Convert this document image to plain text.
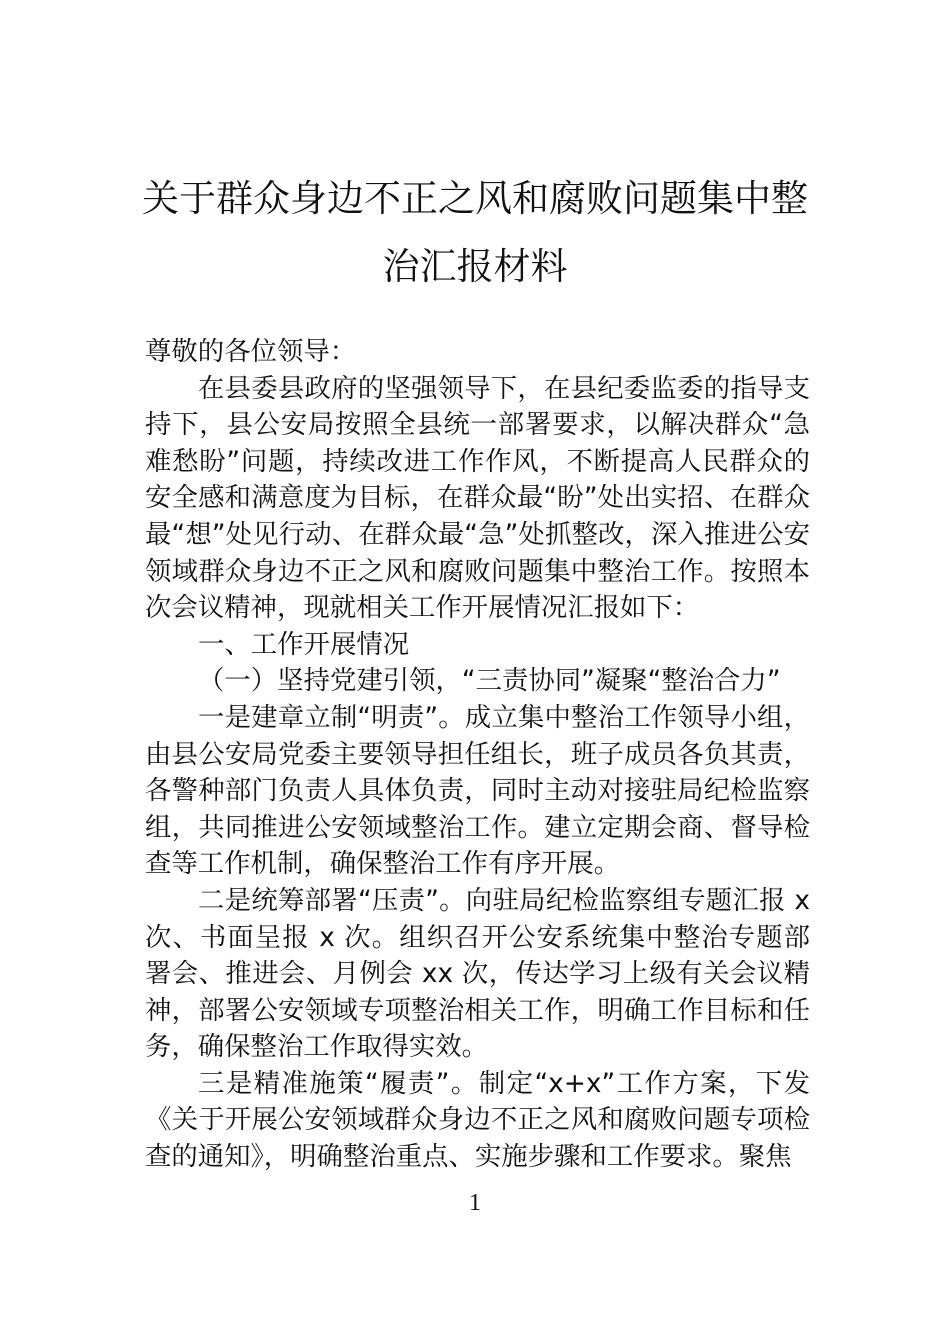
关于群众身边不正之风和腐败问题集中整
治汇报材料

尊敬的各位领导：

在县委县政府的坚强领导下，在县纪委监委的指导支持下，县公安局按照全县统一部署要求，以解决群众“急难愁盼”问题，持续改进工作作风，不断提高人民群众的安全感和满意度为目标，在群众最“盼”处出实招、在群众最“想”处见行动、在群众最“急”处抓整改，深入推进公安领域群众身边不正之风和腐败问题集中整治工作。按照本次会议精神，现就相关工作开展情况汇报如下：

一、工作开展情况

（一）坚持党建引领，“三责协同”凝聚“整治合力”

一是建章立制“明责”。成立集中整治工作领导小组，由县公安局党委主要领导担任组长，班子成员各负其责，各警种部门负责人具体负责，同时主动对接驻局纪检监察组，共同推进公安领域整治工作。建立定期会商、督导检查等工作机制，确保整治工作有序开展。

二是统筹部署“压责”。向驻局纪检监察组专题汇报 x 次、书面呈报 x 次。组织召开公安系统集中整治专题部署会、推进会、月例会 xx 次，传达学习上级有关会议精神，部署公安领域专项整治相关工作，明确工作目标和任务，确保整治工作取得实效。

三是精准施策“履责”。制定“x+x”工作方案，下发《关于开展公安领域群众身边不正之风和腐败问题专项检查的通知》，明确整治重点、实施步骤和工作要求。聚焦

1
